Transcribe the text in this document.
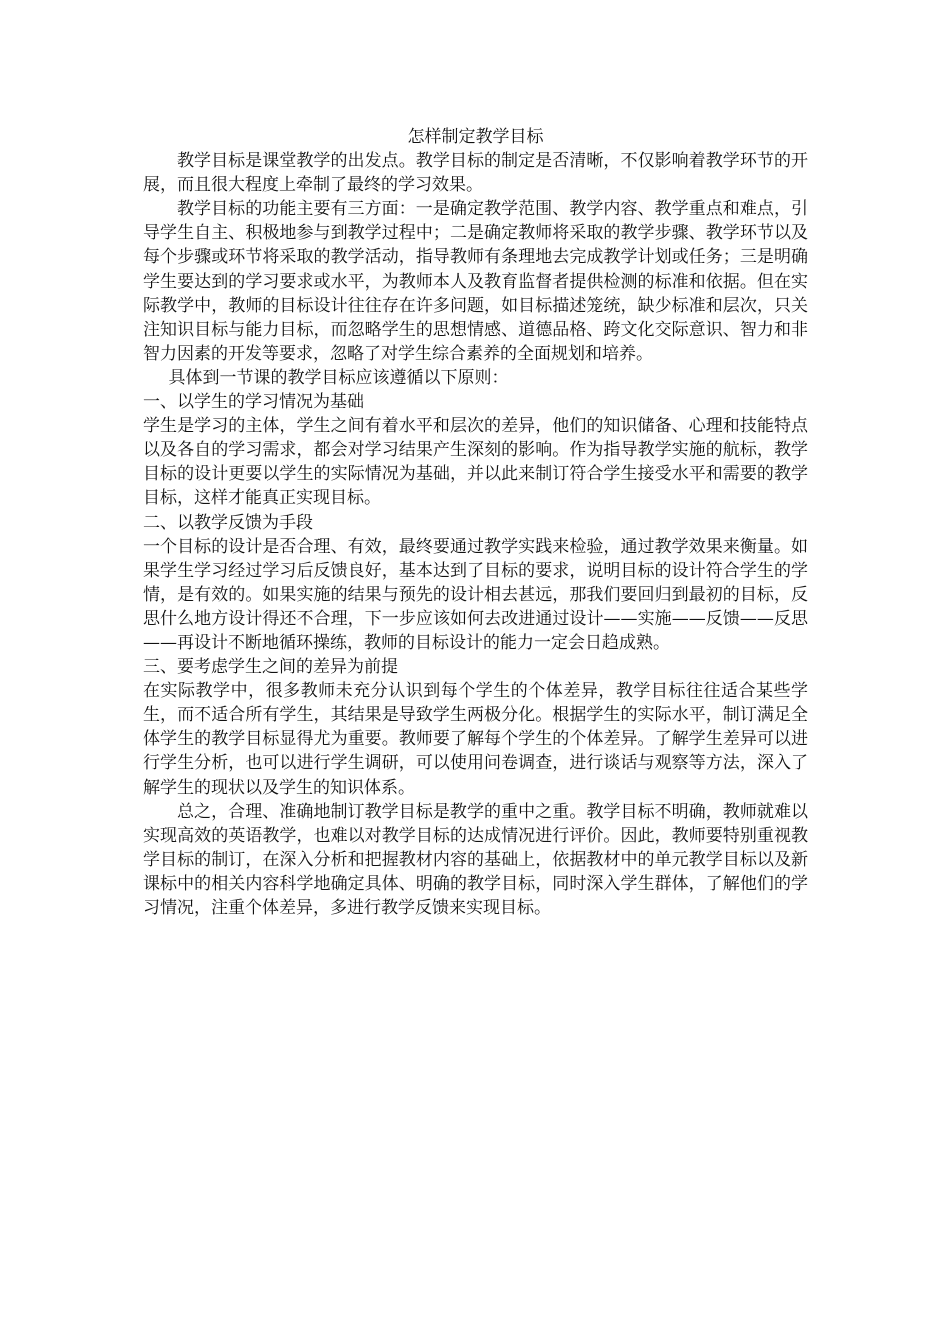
怎样制定教学目标

教学目标是课堂教学的出发点。教学目标的制定是否清晰，不仅影响着教学环节的开展，而且很大程度上牵制了最终的学习效果。

教学目标的功能主要有三方面：一是确定教学范围、教学内容、教学重点和难点，引导学生自主、积极地参与到教学过程中；二是确定教师将采取的教学步骤、教学环节以及每个步骤或环节将采取的教学活动，指导教师有条理地去完成教学计划或任务；三是明确学生要达到的学习要求或水平，为教师本人及教育监督者提供检测的标准和依据。但在实际教学中，教师的目标设计往往存在许多问题，如目标描述笼统，缺少标准和层次，只关注知识目标与能力目标，而忽略学生的思想情感、道德品格、跨文化交际意识、智力和非智力因素的开发等要求，忽略了对学生综合素养的全面规划和培养。

具体到一节课的教学目标应该遵循以下原则：

一、以学生的学习情况为基础

学生是学习的主体，学生之间有着水平和层次的差异，他们的知识储备、心理和技能特点以及各自的学习需求，都会对学习结果产生深刻的影响。作为指导教学实施的航标，教学目标的设计更要以学生的实际情况为基础，并以此来制订符合学生接受水平和需要的教学目标，这样才能真正实现目标。

二、以教学反馈为手段

一个目标的设计是否合理、有效，最终要通过教学实践来检验，通过教学效果来衡量。如果学生学习经过学习后反馈良好，基本达到了目标的要求，说明目标的设计符合学生的学情，是有效的。如果实施的结果与预先的设计相去甚远，那我们要回归到最初的目标，反思什么地方设计得还不合理，下一步应该如何去改进通过设计——实施——反馈——反思——再设计不断地循环操练，教师的目标设计的能力一定会日趋成熟。

三、要考虑学生之间的差异为前提

在实际教学中，很多教师未充分认识到每个学生的个体差异，教学目标往往适合某些学生，而不适合所有学生，其结果是导致学生两极分化。根据学生的实际水平，制订满足全体学生的教学目标显得尤为重要。教师要了解每个学生的个体差异。了解学生差异可以进行学生分析，也可以进行学生调研，可以使用问卷调查，进行谈话与观察等方法，深入了解学生的现状以及学生的知识体系。

总之，合理、准确地制订教学目标是教学的重中之重。教学目标不明确，教师就难以实现高效的英语教学，也难以对教学目标的达成情况进行评价。因此，教师要特别重视教学目标的制订，在深入分析和把握教材内容的基础上，依据教材中的单元教学目标以及新课标中的相关内容科学地确定具体、明确的教学目标，同时深入学生群体，了解他们的学习情况，注重个体差异，多进行教学反馈来实现目标。
